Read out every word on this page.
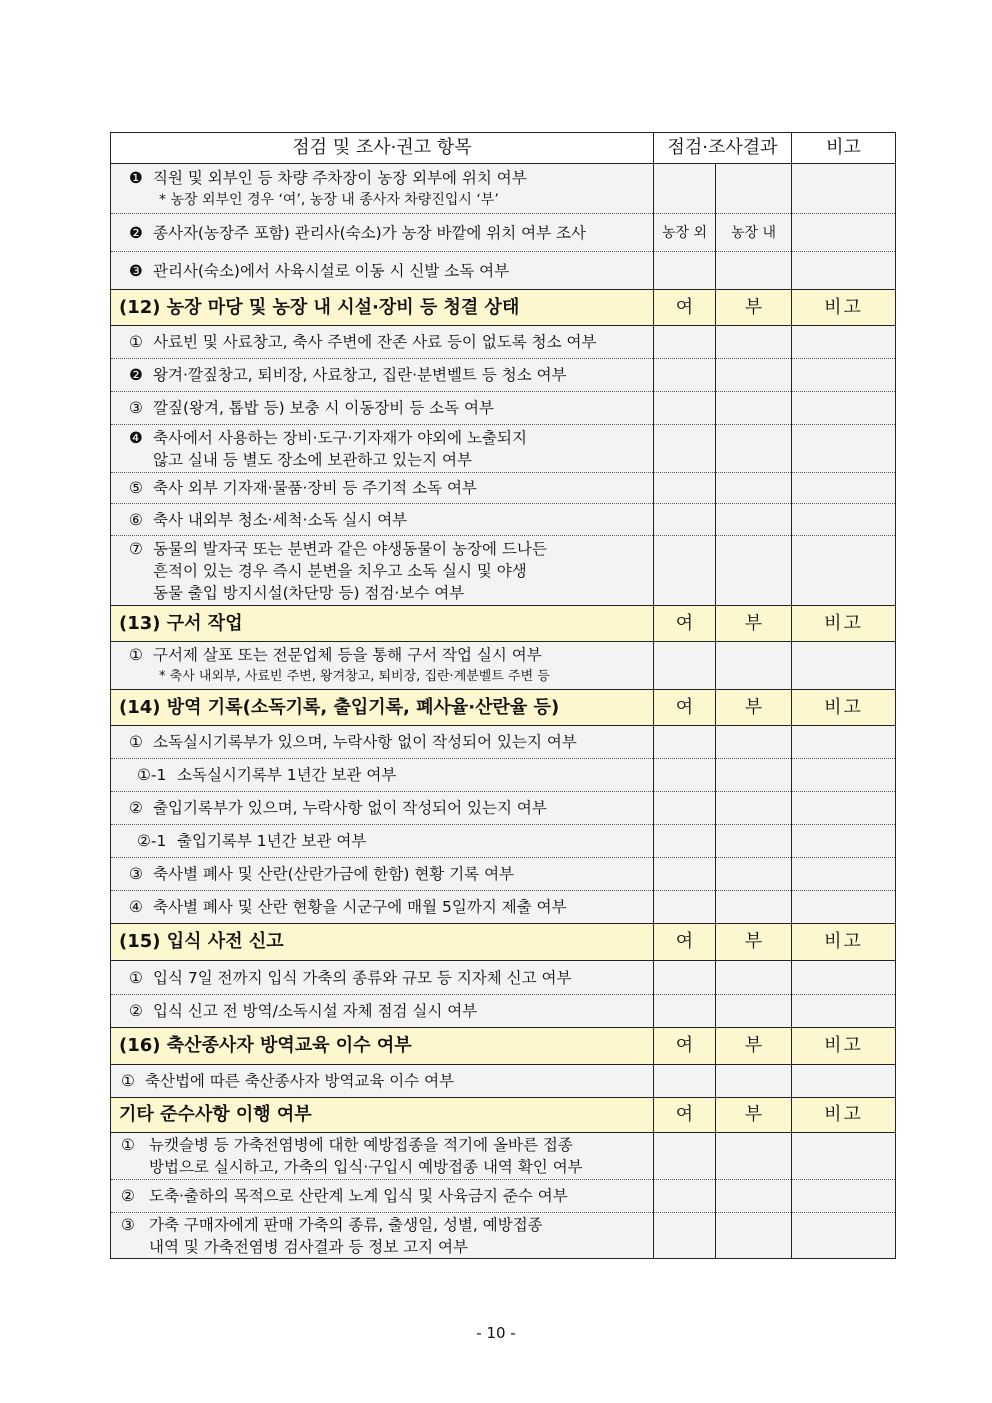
점검 및 조사·권고 항목	점검·조사결과		비고

❶ 직원 및 외부인 등 차량 주차장이 농장 외부에 위치 여부
* 농장 외부인 경우 ‘여’, 농장 내 종사자 차량진입시 ‘부’			

❷ 종사자(농장주 포함) 관리사(숙소)가 농장 바깥에 위치 여부 조사	농장 외	농장 내	

❸ 관리사(숙소)에서 사육시설로 이동 시 신발 소독 여부			

(12) 농장 마당 및 농장 내 시설·장비 등 청결 상태	여	부	비고

① 사료빈 및 사료창고, 축사 주변에 잔존 사료 등이 없도록 청소 여부			

❷ 왕겨·깔짚창고, 퇴비장, 사료창고, 집란·분변벨트 등 청소 여부			

③ 깔짚(왕겨, 톱밥 등) 보충 시 이동장비 등 소독 여부			

❹ 축사에서 사용하는 장비·도구·기자재가 야외에 노출되지
않고 실내 등 별도 장소에 보관하고 있는지 여부			

⑤ 축사 외부 기자재·물품·장비 등 주기적 소독 여부			

⑥ 축사 내외부 청소·세척·소독 실시 여부			

⑦ 동물의 발자국 또는 분변과 같은 야생동물이 농장에 드나든
흔적이 있는 경우 즉시 분변을 치우고 소독 실시 및 야생
동물 출입 방지시설(차단망 등) 점검·보수 여부			

(13) 구서 작업	여	부	비고

① 구서제 살포 또는 전문업체 등을 통해 구서 작업 실시 여부
* 축사 내외부, 사료빈 주변, 왕겨창고, 퇴비장, 집란·계분벨트 주변 등			

(14) 방역 기록(소독기록, 출입기록, 폐사율·산란율 등)	여	부	비고

① 소독실시기록부가 있으며, 누락사항 없이 작성되어 있는지 여부			

①-1 소독실시기록부 1년간 보관 여부			

② 출입기록부가 있으며, 누락사항 없이 작성되어 있는지 여부			

②-1 출입기록부 1년간 보관 여부			

③ 축사별 폐사 및 산란(산란가금에 한함) 현황 기록 여부			

④ 축사별 폐사 및 산란 현황을 시군구에 매월 5일까지 제출 여부			

(15) 입식 사전 신고	여	부	비고

① 입식 7일 전까지 입식 가축의 종류와 규모 등 지자체 신고 여부			

② 입식 신고 전 방역/소독시설 자체 점검 실시 여부			

(16) 축산종사자 방역교육 이수 여부	여	부	비고

① 축산법에 따른 축산종사자 방역교육 이수 여부			

기타 준수사항 이행 여부	여	부	비고

① 뉴캣슬병 등 가축전염병에 대한 예방접종을 적기에 올바른 접종
방법으로 실시하고, 가축의 입식·구입시 예방접종 내역 확인 여부			

② 도축·출하의 목적으로 산란계 노계 입식 및 사육금지 준수 여부			

③ 가축 구매자에게 판매 가축의 종류, 출생일, 성별, 예방접종
내역 및 가축전염병 검사결과 등 정보 고지 여부			

- 10 -
